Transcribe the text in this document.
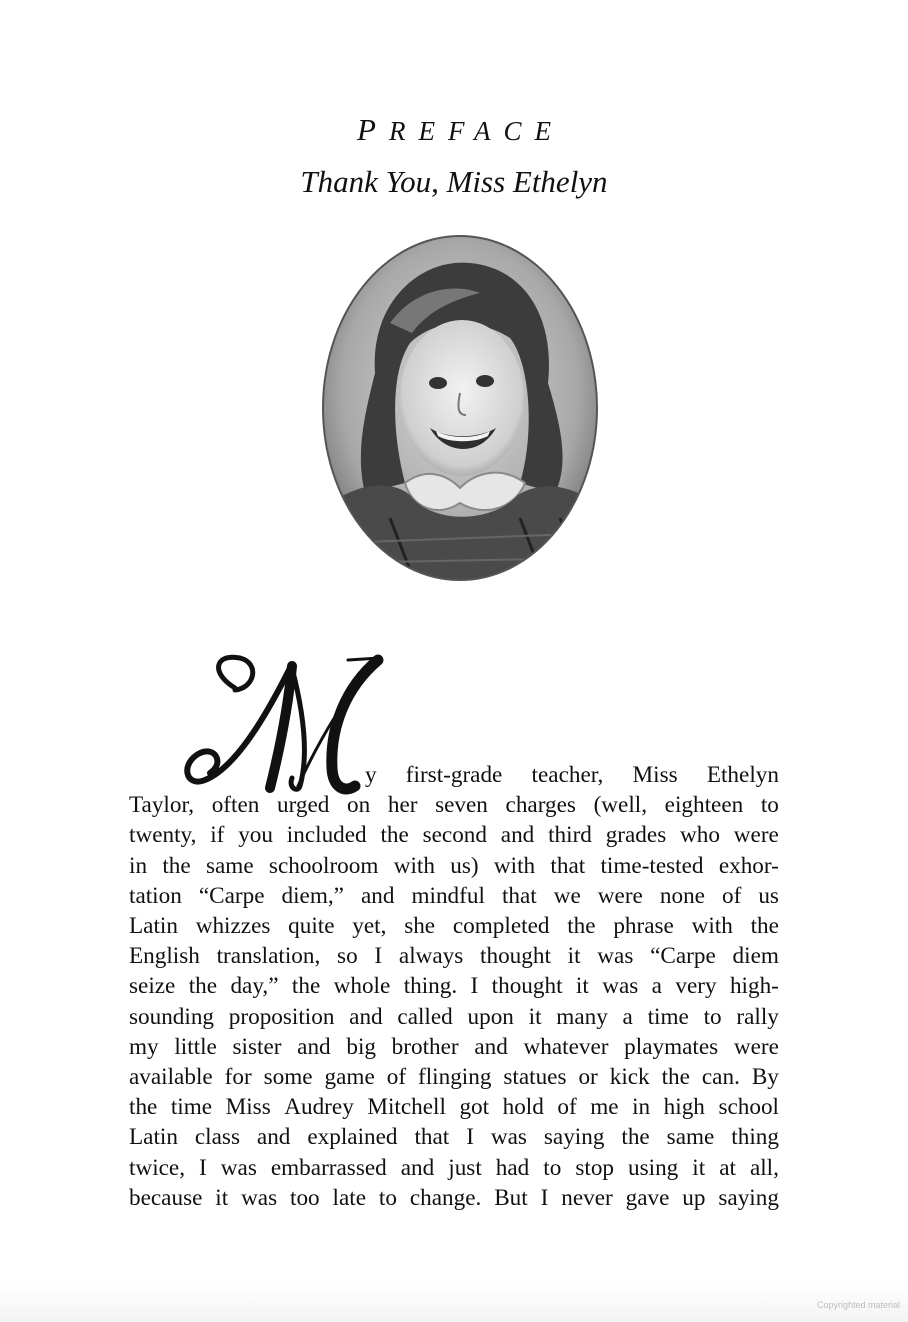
PREFACE
Thank You, Miss Ethelyn
y first-grade teacher, Miss Ethelyn
Taylor, often urged on her seven charges (well, eighteen to
twenty, if you included the second and third grades who were
in the same schoolroom with us) with that time-tested exhor-
tation “Carpe diem,” and mindful that we were none of us
Latin whizzes quite yet, she completed the phrase with the
English translation, so I always thought it was “Carpe diem
seize the day,” the whole thing. I thought it was a very high-
sounding proposition and called upon it many a time to rally
my little sister and big brother and whatever playmates were
available for some game of flinging statues or kick the can. By
the time Miss Audrey Mitchell got hold of me in high school
Latin class and explained that I was saying the same thing
twice, I was embarrassed and just had to stop using it at all,
because it was too late to change. But I never gave up saying
Copyrighted material
